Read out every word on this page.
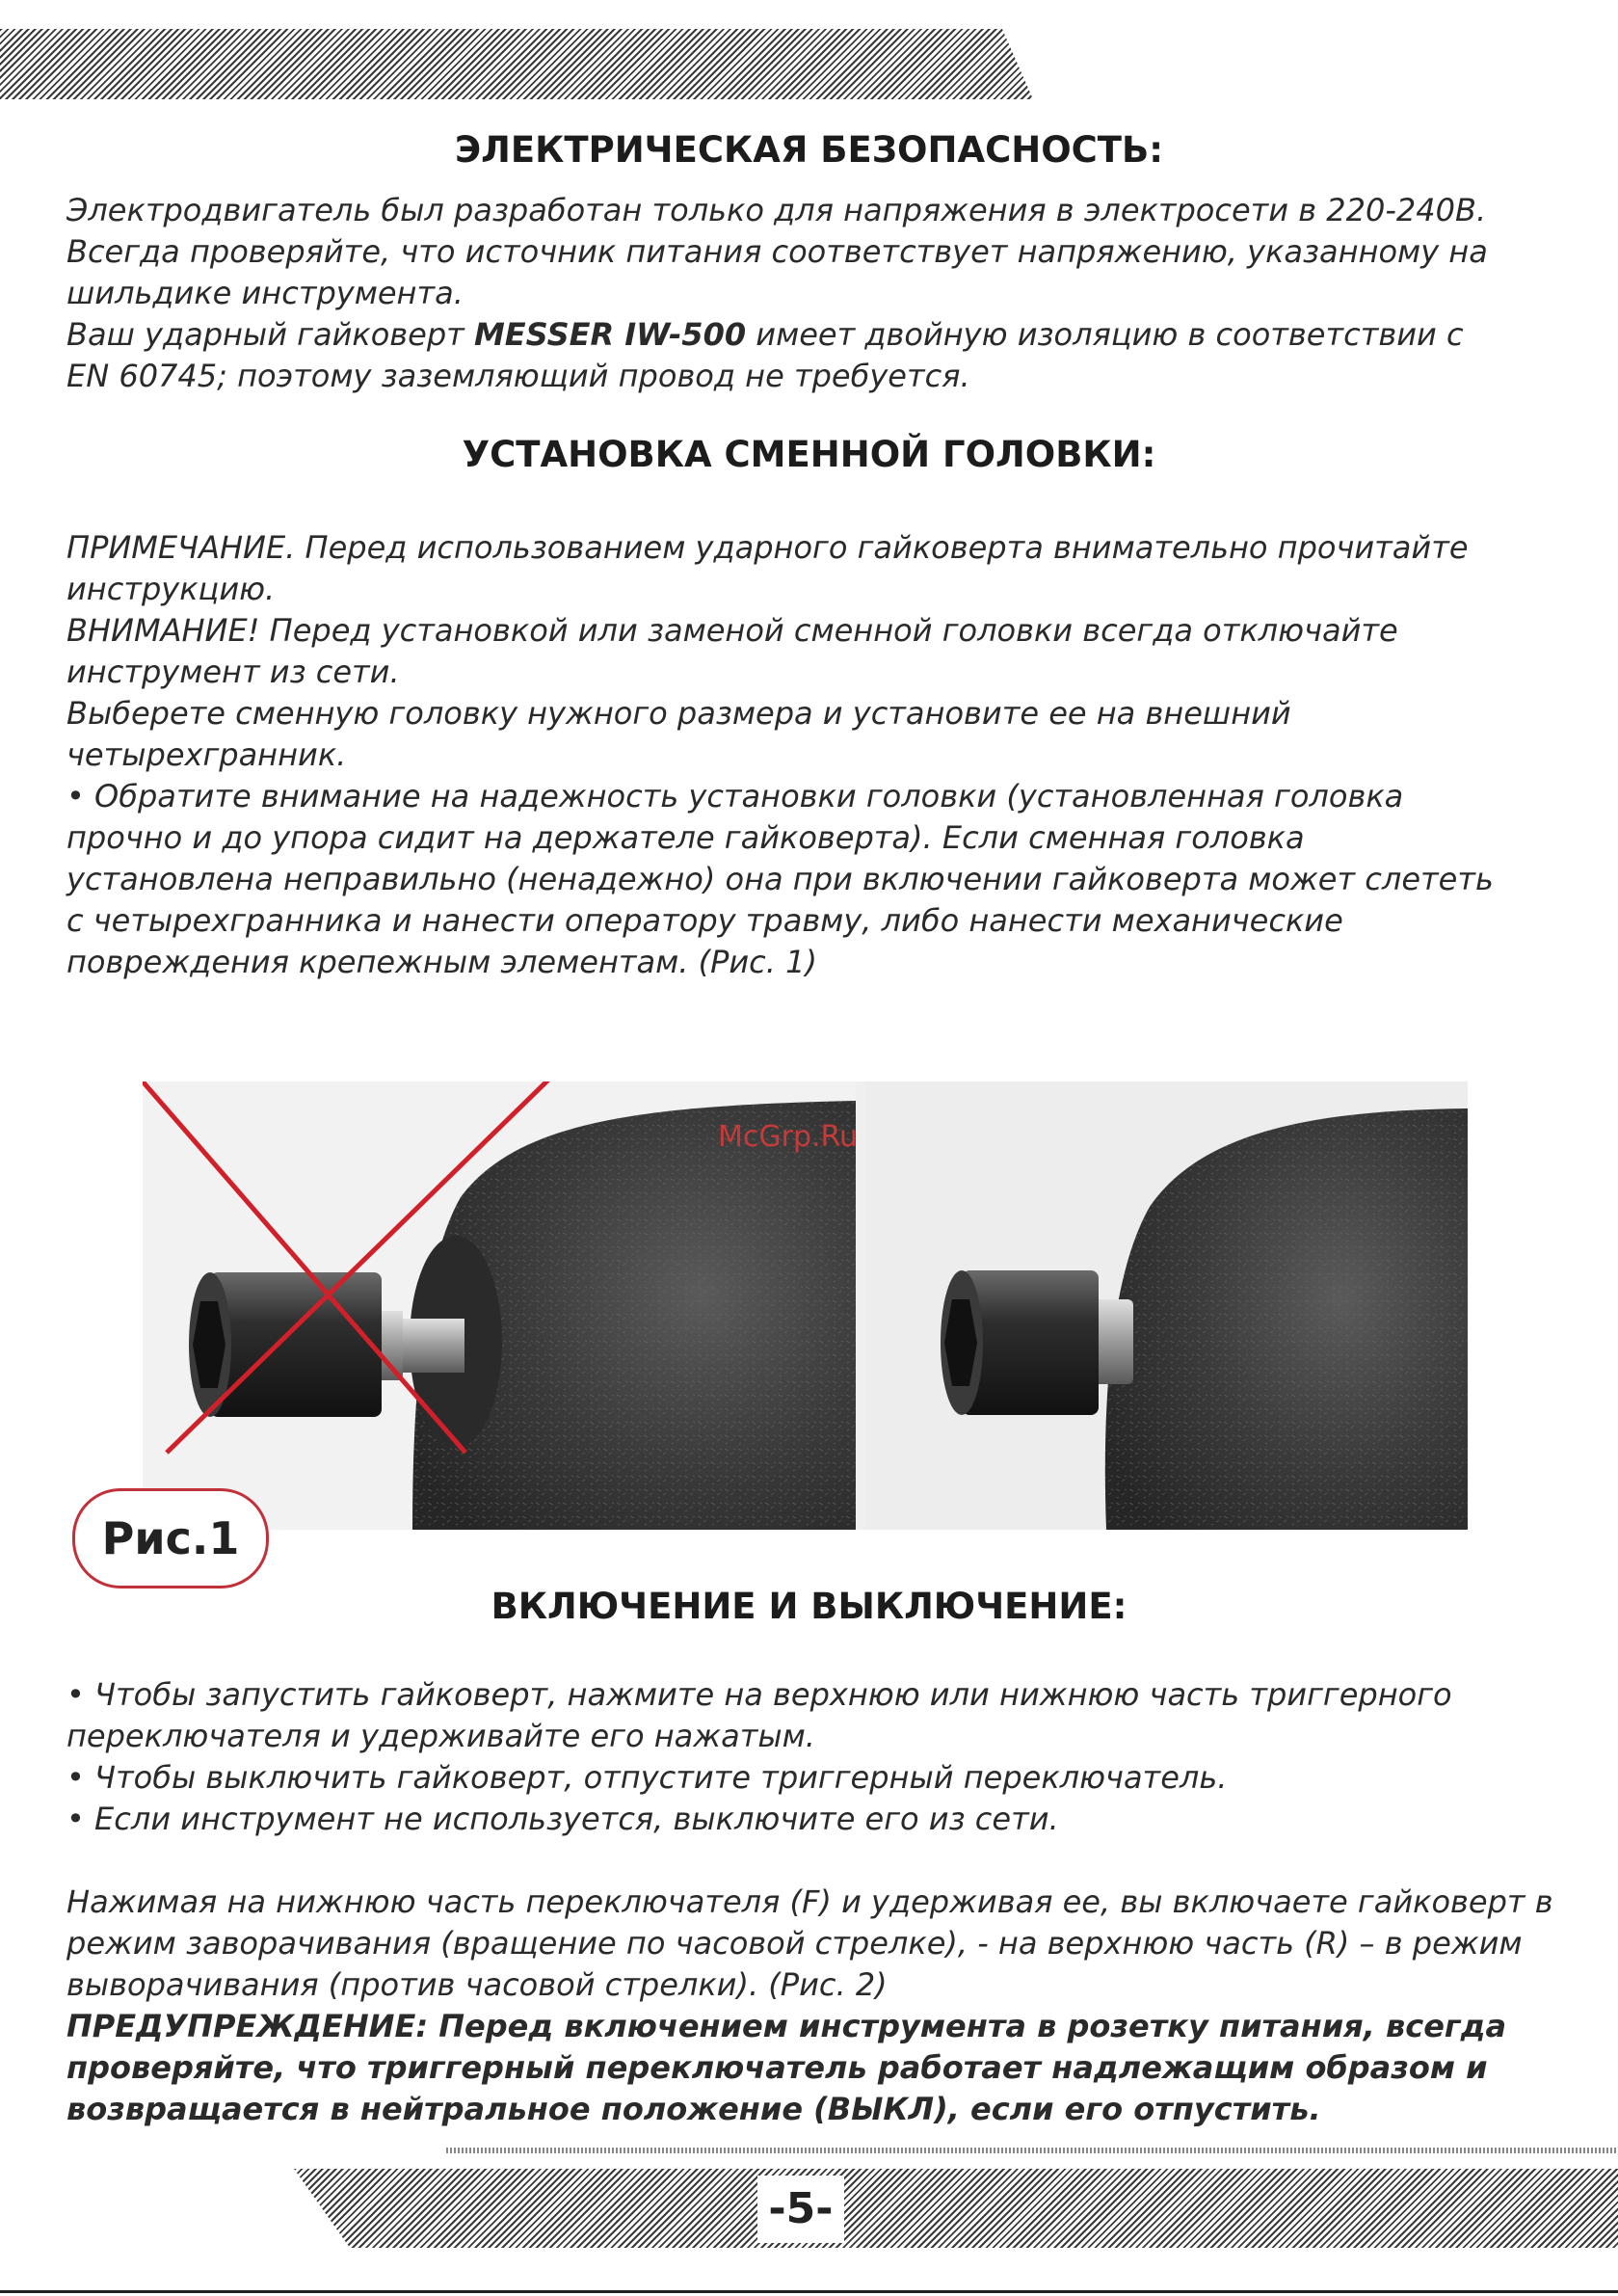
ЭЛЕКТРИЧЕСКАЯ БЕЗОПАСНОСТЬ:

Электродвигатель был разработан только для напряжения в электросети в 220-240В.

Всегда проверяйте, что источник питания соответствует напряжению, указанному на

шильдике инструмента.

Ваш ударный гайковерт MESSER IW-500 имеет двойную изоляцию в соответствии с

EN 60745; поэтому заземляющий провод не требуется.

УСТАНОВКА СМЕННОЙ ГОЛОВКИ:

ПРИМЕЧАНИЕ. Перед использованием ударного гайковерта внимательно прочитайте

инструкцию.

ВНИМАНИЕ! Перед установкой или заменой сменной головки всегда отключайте

инструмент из сети.

Выберете сменную головку нужного размера и установите ее на внешний

четырехгранник.

• Обратите внимание на надежность установки головки (установленная головка

прочно и до упора сидит на держателе гайковерта). Если сменная головка

установлена неправильно (ненадежно) она при включении гайковерта может слететь

с четырехгранника и нанести оператору травму, либо нанести механические

повреждения крепежным элементам. (Рис. 1)

McGrp.Ru
Рис.1
ВКЛЮЧЕНИЕ И ВЫКЛЮЧЕНИЕ:

• Чтобы запустить гайковерт, нажмите на верхнюю или нижнюю часть триггерного

переключателя и удерживайте его нажатым.

• Чтобы выключить гайковерт, отпустите триггерный переключатель.

• Если инструмент не используется, выключите его из сети.

Нажимая на нижнюю часть переключателя (F) и удерживая ее, вы включаете гайковерт в

режим заворачивания (вращение по часовой стрелке), - на верхнюю часть (R) – в режим

выворачивания (против часовой стрелки). (Рис. 2)

ПРЕДУПРЕЖДЕНИЕ: Перед включением инструмента в розетку питания, всегда

проверяйте, что триггерный переключатель работает надлежащим образом и

возвращается в нейтральное положение (ВЫКЛ), если его отпустить.

-5-
